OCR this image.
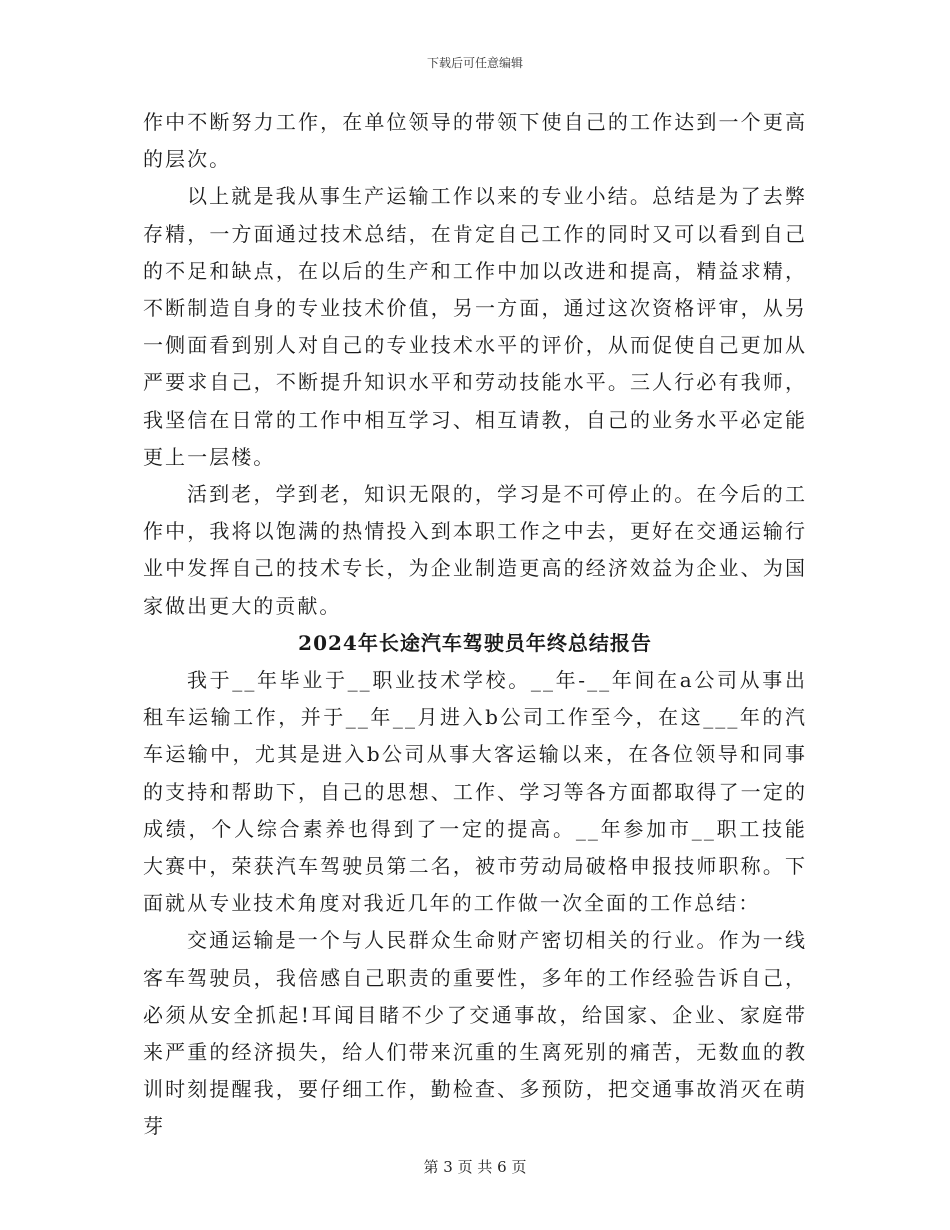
下载后可任意编辑

作中不断努力工作，在单位领导的带领下使自己的工作达到一个更高的层次。

以上就是我从事生产运输工作以来的专业小结。总结是为了去弊存精，一方面通过技术总结，在肯定自己工作的同时又可以看到自己的不足和缺点，在以后的生产和工作中加以改进和提高，精益求精，不断制造自身的专业技术价值，另一方面，通过这次资格评审，从另一侧面看到别人对自己的专业技术水平的评价，从而促使自己更加从严要求自己，不断提升知识水平和劳动技能水平。三人行必有我师，我坚信在日常的工作中相互学习、相互请教，自己的业务水平必定能更上一层楼。

活到老，学到老，知识无限的，学习是不可停止的。在今后的工作中，我将以饱满的热情投入到本职工作之中去，更好在交通运输行业中发挥自己的技术专长，为企业制造更高的经济效益为企业、为国家做出更大的贡献。

2024年长途汽车驾驶员年终总结报告

我于__年毕业于__职业技术学校。__年-__年间在a公司从事出租车运输工作，并于__年__月进入b公司工作至今，在这___年的汽车运输中，尤其是进入b公司从事大客运输以来，在各位领导和同事的支持和帮助下，自己的思想、工作、学习等各方面都取得了一定的成绩，个人综合素养也得到了一定的提高。__年参加市__职工技能大赛中，荣获汽车驾驶员第二名，被市劳动局破格申报技师职称。下面就从专业技术角度对我近几年的工作做一次全面的工作总结：

交通运输是一个与人民群众生命财产密切相关的行业。作为一线客车驾驶员，我倍感自己职责的重要性，多年的工作经验告诉自己，必须从安全抓起!耳闻目睹不少了交通事故，给国家、企业、家庭带来严重的经济损失，给人们带来沉重的生离死别的痛苦，无数血的教训时刻提醒我，要仔细工作，勤检查、多预防，把交通事故消灭在萌芽

第 3 页 共 6 页
